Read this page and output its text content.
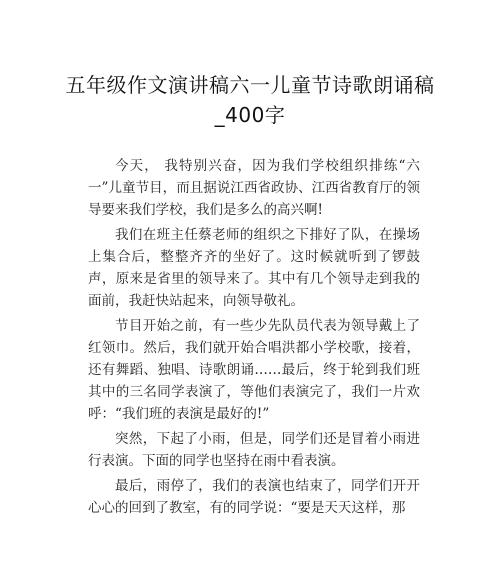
五年级作文演讲稿六一儿童节诗歌朗诵稿_400字

今天， 我特别兴奋，因为我们学校组织排练“六一”儿童节目，而且据说江西省政协、江西省教育厅的领导要来我们学校，我们是多么的高兴啊!

我们在班主任蔡老师的组织之下排好了队，在操场上集合后，整整齐齐的坐好了。这时候就听到了锣鼓声，原来是省里的领导来了。其中有几个领导走到我的面前，我赶快站起来，向领导敬礼。

节目开始之前，有一些少先队员代表为领导戴上了红领巾。然后，我们就开始合唱洪都小学校歌，接着，还有舞蹈、独唱、诗歌朗诵……最后，终于轮到我们班其中的三名同学表演了，等他们表演完了，我们一片欢呼：“我们班的表演是最好的!”

突然，下起了小雨，但是，同学们还是冒着小雨进行表演。下面的同学也坚持在雨中看表演。

最后，雨停了，我们的表演也结束了，同学们开开心心的回到了教室，有的同学说：“要是天天这样，那
